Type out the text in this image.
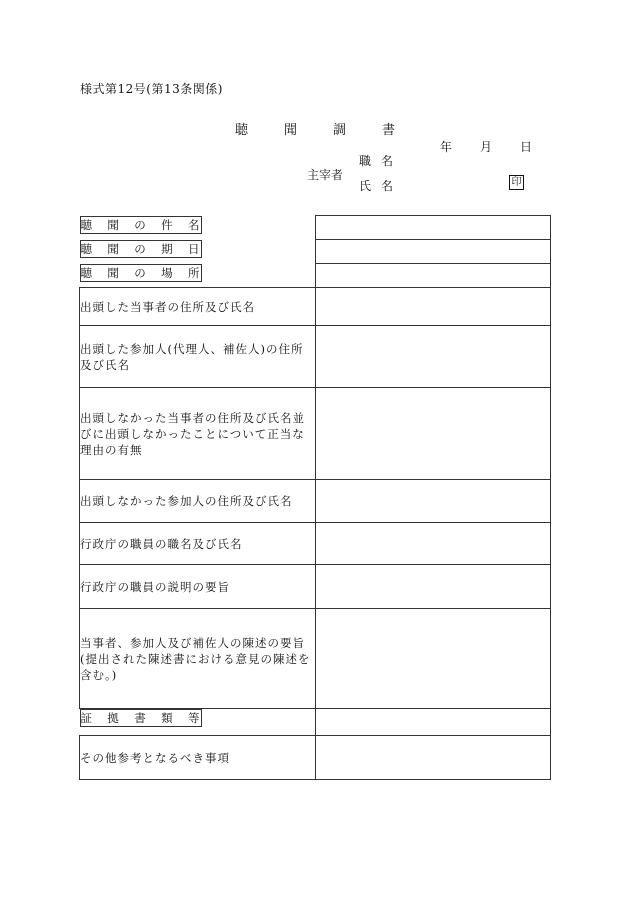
様式第12号(第13条関係)
聴	聞	調	書
年	月	日
主宰者
職 名
氏 名	印
聴 聞 の 件 名

聴 聞 の 期 日

聴 聞 の 場 所

出頭した当事者の住所及び氏名	
出頭した参加人(代理人、補佐人)の住所及び氏名	
出頭しなかった当事者の住所及び氏名並びに出頭しなかったことについて正当な理由の有無	
出頭しなかった参加人の住所及び氏名	
行政庁の職員の職名及び氏名	
行政庁の職員の説明の要旨	
当事者、参加人及び補佐人の陳述の要旨(提出された陳述書における意見の陳述を含む。)	

証 拠 書 類 等

その他参考となるべき事項	
